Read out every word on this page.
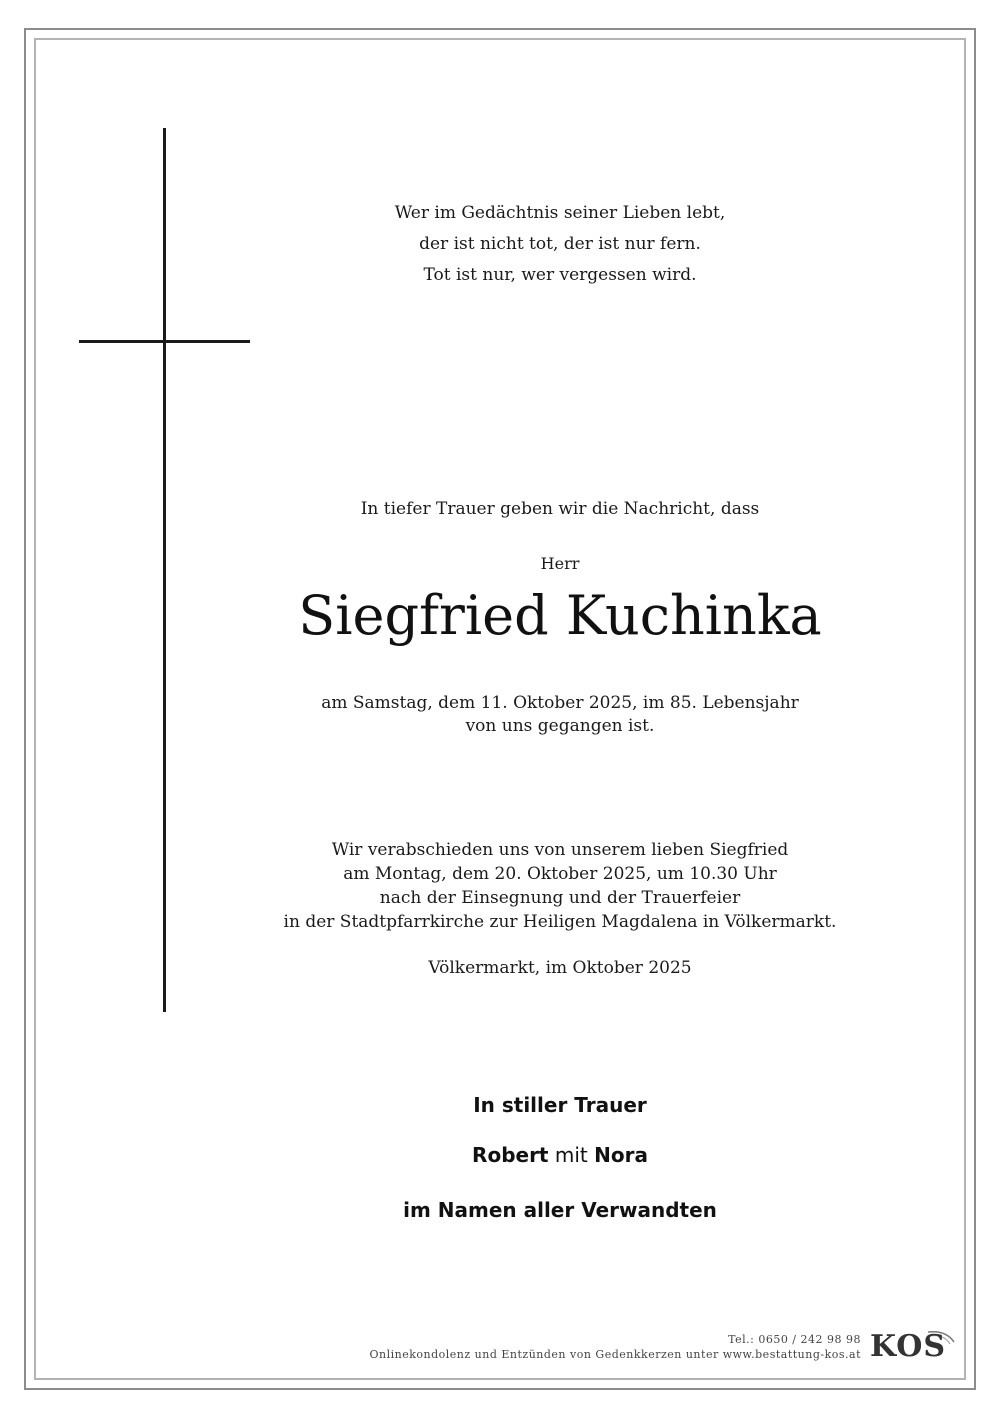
Wer im Gedächtnis seiner Lieben lebt,
der ist nicht tot, der ist nur fern.
Tot ist nur, wer vergessen wird.
In tiefer Trauer geben wir die Nachricht, dass
Herr
Siegfried Kuchinka
am Samstag, dem 11. Oktober 2025, im 85. Lebensjahr
von uns gegangen ist.
Wir verabschieden uns von unserem lieben Siegfried
am Montag, dem 20. Oktober 2025, um 10.30 Uhr
nach der Einsegnung und der Trauerfeier
in der Stadtpfarrkirche zur Heiligen Magdalena in Völkermarkt.
Völkermarkt, im Oktober 2025
In stiller Trauer
Robert mit Nora
im Namen aller Verwandten
Tel.: 0650 / 242 98 98
Onlinekondolenz und Entzünden von Gedenkkerzen unter www.bestattung-kos.at KOS
